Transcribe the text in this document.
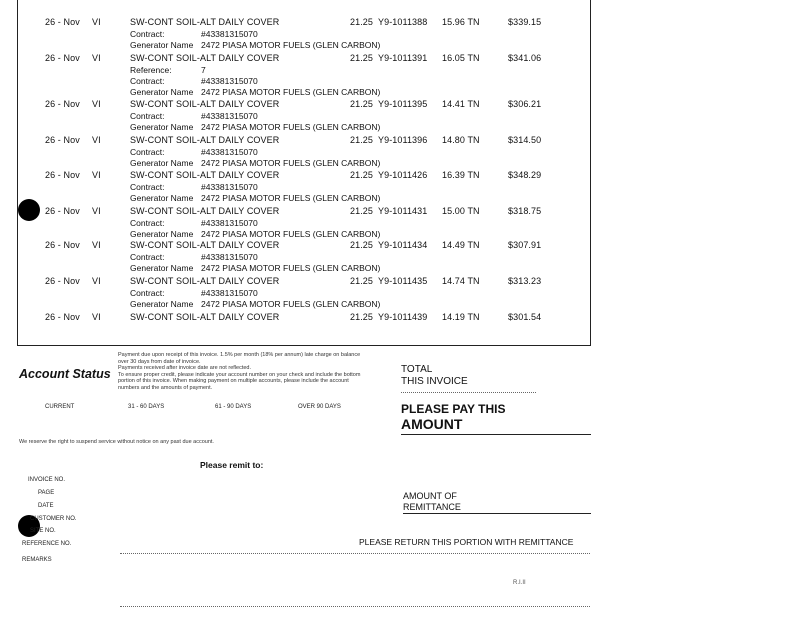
26 - Nov VI	SW-CONT SOIL-ALT DAILY COVER	21.25 Y9-1011388 15.96 TN	$339.15
Contract:	#43381315070
Generator Name 2472 PIASA MOTOR FUELS (GLEN CARBON)
26 - Nov VI	SW-CONT SOIL-ALT DAILY COVER	21.25 Y9-1011391 16.05 TN	$341.06
Reference:	7
Contract:	#43381315070
Generator Name 2472 PIASA MOTOR FUELS (GLEN CARBON)
26 - Nov VI	SW-CONT SOIL-ALT DAILY COVER	21.25 Y9-1011395 14.41 TN	$306.21
Contract:	#43381315070
Generator Name 2472 PIASA MOTOR FUELS (GLEN CARBON)
26 - Nov VI	SW-CONT SOIL-ALT DAILY COVER	21.25 Y9-1011396 14.80 TN	$314.50
Contract:	#43381315070
Generator Name 2472 PIASA MOTOR FUELS (GLEN CARBON)
26 - Nov VI	SW-CONT SOIL-ALT DAILY COVER	21.25 Y9-1011426 16.39 TN	$348.29
Contract:	#43381315070
Generator Name 2472 PIASA MOTOR FUELS (GLEN CARBON)
26 - Nov VI	SW-CONT SOIL-ALT DAILY COVER	21.25 Y9-1011431 15.00 TN	$318.75
Contract:	#43381315070
Generator Name 2472 PIASA MOTOR FUELS (GLEN CARBON)
26 - Nov VI	SW-CONT SOIL-ALT DAILY COVER	21.25 Y9-1011434 14.49 TN	$307.91
Contract:	#43381315070
Generator Name 2472 PIASA MOTOR FUELS (GLEN CARBON)
26 - Nov VI	SW-CONT SOIL-ALT DAILY COVER	21.25 Y9-1011435 14.74 TN	$313.23
Contract:	#43381315070
Generator Name 2472 PIASA MOTOR FUELS (GLEN CARBON)
26 - Nov VI	SW-CONT SOIL-ALT DAILY COVER	21.25 Y9-1011439 14.19 TN	$301.54
Account Status
Payment due upon receipt of this invoice. 1.5% per month (18% per annum) late charge on balance
over 30 days from date of invoice.
Payments received after invoice date are not reflected.
To ensure proper credit, please indicate your account number on your check and include the bottom
portion of this invoice. When making payment on multiple accounts, please include the account
numbers and the amounts of payment.
CURRENT	31 - 60 DAYS	61 - 90 DAYS	OVER 90 DAYS
We reserve the right to suspend service without notice on any past due account.
TOTAL
THIS INVOICE
PLEASE PAY THIS
AMOUNT
Please remit to:
INVOICE NO.
PAGE
DATE
CUSTOMER NO.
SITE NO.
REFERENCE NO.
REMARKS
AMOUNT OF
REMITTANCE
PLEASE RETURN THIS PORTION WITH REMITTANCE
R.I.II
